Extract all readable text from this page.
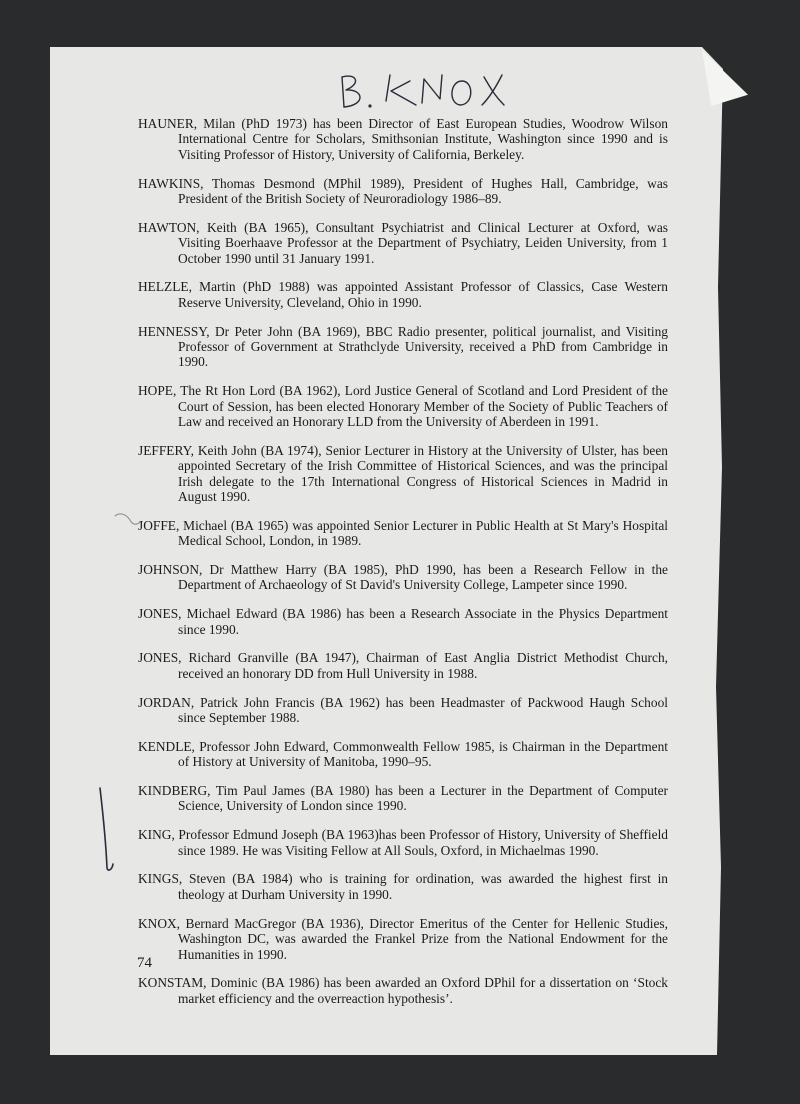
HAUNER, Milan (PhD 1973) has been Director of East European Studies, Woodrow Wilson International Centre for Scholars, Smithsonian Institute, Washington since 1990 and is Visiting Professor of History, University of California, Berkeley.

HAWKINS, Thomas Desmond (MPhil 1989), President of Hughes Hall, Cambridge, was President of the British Society of Neuroradiology 1986–89.

HAWTON, Keith (BA 1965), Consultant Psychiatrist and Clinical Lecturer at Oxford, was Visiting Boerhaave Professor at the Department of Psychiatry, Leiden University, from 1 October 1990 until 31 January 1991.

HELZLE, Martin (PhD 1988) was appointed Assistant Professor of Classics, Case Western Reserve University, Cleveland, Ohio in 1990.

HENNESSY, Dr Peter John (BA 1969), BBC Radio presenter, political journalist, and Visiting Professor of Government at Strathclyde University, received a PhD from Cambridge in 1990.

HOPE, The Rt Hon Lord (BA 1962), Lord Justice General of Scotland and Lord President of the Court of Session, has been elected Honorary Member of the Society of Public Teachers of Law and received an Honorary LLD from the University of Aberdeen in 1991.

JEFFERY, Keith John (BA 1974), Senior Lecturer in History at the University of Ulster, has been appointed Secretary of the Irish Committee of Historical Sciences, and was the principal Irish delegate to the 17th International Congress of Historical Sciences in Madrid in August 1990.

JOFFE, Michael (BA 1965) was appointed Senior Lecturer in Public Health at St Mary's Hospital Medical School, London, in 1989.

JOHNSON, Dr Matthew Harry (BA 1985), PhD 1990, has been a Research Fellow in the Department of Archaeology of St David's University College, Lampeter since 1990.

JONES, Michael Edward (BA 1986) has been a Research Associate in the Physics Department since 1990.

JONES, Richard Granville (BA 1947), Chairman of East Anglia District Methodist Church, received an honorary DD from Hull University in 1988.

JORDAN, Patrick John Francis (BA 1962) has been Headmaster of Packwood Haugh School since September 1988.

KENDLE, Professor John Edward, Commonwealth Fellow 1985, is Chairman in the Department of History at University of Manitoba, 1990–95.

KINDBERG, Tim Paul James (BA 1980) has been a Lecturer in the Department of Computer Science, University of London since 1990.

KING, Professor Edmund Joseph (BA 1963)has been Professor of History, University of Sheffield since 1989. He was Visiting Fellow at All Souls, Oxford, in Michaelmas 1990.

KINGS, Steven (BA 1984) who is training for ordination, was awarded the highest first in theology at Durham University in 1990.

KNOX, Bernard MacGregor (BA 1936), Director Emeritus of the Center for Hellenic Studies, Washington DC, was awarded the Frankel Prize from the National Endowment for the Humanities in 1990.

KONSTAM, Dominic (BA 1986) has been awarded an Oxford DPhil for a dissertation on ‘Stock market efficiency and the overreaction hypothesis’.

74
